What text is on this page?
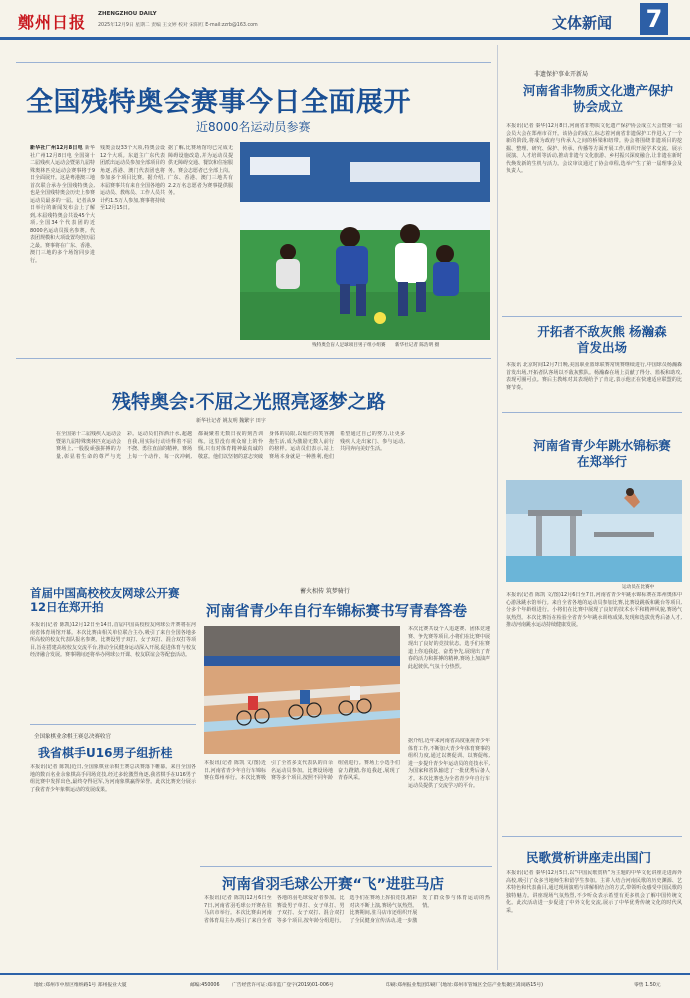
鄭州日报 ZHENGZHOU DAILY
2025年12月9日 星期二 责编 王文婷 校对 宋阳红 E-mail:zzrb@163.com	文体新闻 7
全国残特奥会赛事今日全面展开
近8000名运动员参赛
新华社广州12月8日电 新华社广州12月8日电 全国第十二届残疾人运动会暨第九届特殊奥林匹克运动会赛事将于9日全面展开。这是粤港澳三地首次联合承办全国残特奥会,也是全国残特奥会历史上参赛运动员最多的一届。记者从9日举行的新闻发布会上了解到,本届残特奥会共设45个大项,全国34个代表团的近8000名运动员报名参赛。代表团规模和大项设置均创历届之最。赛事将在广东、香港、澳门三地的多个场馆同步进行。
残奥会设33个大项,特奥会设12个大项。东道主广东代表团派出运动员参加全部项目的角逐,香港、澳门代表团也将参加多个项目比赛。据介绍,本届赛事共有来自全国各地的运动员、教练员、工作人员共计约1.5万人参加,赛事将持续至12月15日。
据了解,比赛场馆均已完成无障碍设施改造,并为运动员提供无障碍交通、餐饮和住宿服务。赛会志愿者已全部上岗。广东、香港、澳门三地共有2.2万名志愿者为赛事提供服务。
残特奥会盲人足球项目男子组小组赛 新华社记者 陈浩明 摄
残特奥会:不屈之光照亮逐梦之路
新华社记者 姚友明 魏繁宇 田宇
在全国第十二届残疾人运动会暨第九届特殊奥林匹克运动会赛场上,一股股顽强拼搏的力量,彰显着生命的尊严与光彩。运动员们挥洒汗水,超越自我,用实际行动诠释着不屈不挠、勇往直前的精神。赛场上每一个动作、每一次冲刺,都凝聚着无数日夜的刻苦训练。这里没有观众席上的怜悯,只有对体育精神最真诚的敬意。他们以坚韧的意志突破身体的局限,以灿烂的笑容拥抱生活,成为激励无数人前行的榜样。运动员们表示,站上赛场本身就是一种胜利,他们希望通过自己的努力,让更多残疾人走出家门、参与运动,共同奔向美好生活。
首届中国高校校友网球公开赛12日在郑开拍
本报讯(记者 陈凯)12月12日至14日,首届中国高校校友网球公开赛将在河南省体育场馆开幕。本次比赛由相关单位联合主办,吸引了来自全国各地多所高校的校友代表队报名参赛。比赛设男子双打、女子双打、混合双打等项目,旨在搭建高校校友交流平台,推动全民健身运动深入开展,促进体育与校友经济融合发展。赛事期间还将举办网球公开课、校友联谊会等配套活动。
全国象棋业余棋王赛总决赛收官
我省棋手U16男子组折桂
本报讯(记者 陈凯)近日,全国象棋业余棋王赛总决赛落下帷幕。来自全国各地的数百名业余象棋高手同场竞技,经过多轮激烈角逐,我省棋手在U16男子组比赛中发挥出色,最终夺得冠军,为河南象棋赢得荣誉。此次比赛充分展示了我省青少年象棋运动的发展成果。
蓄火相传 筑梦骑行
河南省青少年自行车锦标赛书写青春答卷
本报讯(记者 陈凯 文/图)近日,河南省青少年自行车锦标赛在郑州举行。本次比赛吸引了全省多支代表队的百余名运动员参加。比赛设场地赛等多个项目,按照不同年龄组别进行。赛场上小选手们奋力蹬踏,你追我赶,展现了青春风采。
本次比赛共设个人追逐赛、团体竞速赛、争先赛等项目,小将们在比赛中展现出了良好的竞技状态。选手们在赛道上你追我赶、奋勇争先,展现出了青春的活力和拼搏的精神,赛场上加油声此起彼伏,气氛十分热烈。
据介绍,近年来河南省高度重视青少年体育工作,不断加大青少年体育赛事的组织力度,通过以赛促训、以赛促练,进一步提升青少年运动员的竞技水平,为国家和省队输送了一批优秀后备人才。本次比赛也为全省青少年自行车运动员提供了交流学习的平台。
河南省羽毛球公开赛“飞”进驻马店
本报讯(记者 陈凯)12月6日至7日,河南省羽毛球公开赛在驻马店市举行。本次比赛由河南省体育局主办,吸引了来自全省各地的羽毛球爱好者参加。比赛设男子单打、女子单打、男子双打、女子双打、混合双打等多个项目,按年龄分组进行。选手们在赛场上挥拍竞技,精彩对决不断上演,赛场气氛热烈。比赛期间,驻马店市还组织开展了全民健身宣传活动,进一步激发了群众参与体育运动的热情。
非遗保护事业开新局
河南省非物质文化遗产保护协会成立
本报讯(记者 秦华)12月8日,河南省非物质文化遗产保护协会成立大会暨第一届会员大会在郑州市召开。该协会的成立,标志着河南省非遗保护工作进入了一个新的阶段,将成为政府与传承人之间的桥梁和纽带。协会将围绕非遗项目的挖掘、整理、研究、保护、传承、传播等方面开展工作,组织开展学术交流、展示展演、人才培训等活动,推动非遗与文化旅游、乡村振兴深度融合,让非遗在新时代焕发新的生机与活力。会议审议通过了协会章程,选举产生了第一届理事会及负责人。
开拓者不敌灰熊 杨瀚森首发出场
本报讯 北京时间12月7日晚,美国职业篮球联赛常规赛继续进行,中国球员杨瀚森首发出场,开拓者队客场以不敌灰熊队。杨瀚森在场上贡献了得分、篮板和助攻,表现可圈可点。赛后主教练对其表现给予了肯定,表示他正在快速适应联盟的比赛节奏。
河南省青少年跳水锦标赛在郑举行
运动员在比赛中
本报讯(记者 陈凯 文/图)12月6日至7日,河南省青少年跳水锦标赛在郑州奥体中心游泳跳水馆举行。来自全省各地的运动员参加比赛,比赛设跳板和跳台等项目,分多个年龄组进行。小将们在比赛中展现了良好的技术水平和精神风貌,赛场气氛热烈。本次比赛旨在检验全省青少年跳水训练成果,发现和选拔优秀后备人才,推动河南跳水运动持续健康发展。
民歌赏析讲座走出国门
本报讯(记者 秦华)12月5日,以“中国民歌赏析”为主题的中华文化讲座走进海外高校,吸引了众多当地师生和留学生参加。主讲人结合河南民歌的历史渊源、艺术特色和代表曲目,通过现场演唱与讲解相结合的方式,带领听众感受中国民歌的独特魅力。讲座现场气氛热烈,不少听众表示希望有更多机会了解中国传统文化。此次活动进一步促进了中外文化交流,展示了中华优秀传统文化的时代风采。
地址:郑州市中原区维纳路1号 郑州报业大厦	邮编:450006	广告经营许可证:郑市监广登字(2019)01-006号	印刷:郑州报业集团印刷厂(地址:郑州市管城区全信产业集聚区嵩岗路15号)	零售 1.50元
